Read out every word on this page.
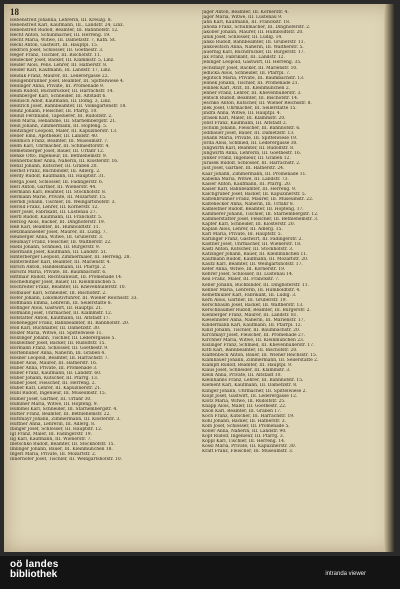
18
Hebenstreit Johanna, Lehrerin, III. Kreuzg. 8.
Hebenstreit Karl, Kaufmann, III., Landstr. 24, Linz.
Hebenstreit Rudolf, Beamter, III. Bahnhofstr. 12.
Hecht Anton, Schuhmacher, III. Herreng. 19.
Hecht Maria, Witwe, III. Dametzstr. 7, Kath. St.
Heckl Anton, Gastwirt, III. Hauptpl. 15.
Hedrich Josef, Schlosser, III. Goethestr. 3.
Heger Franz, Tischler, III. Bischofstr. 11.
Heidecker Josef, Bäcker, III. Klammstr. 5, Linz.
Heider Alois, Pens. Lehrer, III. Hafnerstr. 8.
Heider Karl, Kaufmann, III. Landstr. 17, Linz.
Heiduk Franz, Maurer, III. Lederergasse 22.
Heiligenbrunner Josef, Beamter, III. Spittelwiese 4.
Heilinger Anna, Private, III. Promenade 9.
Heim Rudolf, Buchdrucker, III. Harrachstr. 14.
Heimberger Karl, Schneider, III. Altstadt 6.
Heinisch Adolf, Kaufmann, III. Domg. 3, Linz.
Heinrich Josef, Bahnbeamter, III. Volksgartenstr. 18.
Heinz Johann, Fleischer, III. Pfarrg. 10.
Heinzl Ferdinand, Tapezierer, III. Rudolfstr. 2.
Heiß Maria, Hebamme, III. Starhembergstr. 21.
Heiß Johann, Zimmermann, III. Hopfeng. 5.
Heitzinger Leopold, Maler, III. Kapuzinerstr. 13.
Heller Emil, Apotheker, III. Landstr. 40.
Hellmich Franz, Beamter, III. Museumstr. 7.
Helm Karl, Uhrmacher, III. Schmiedtorstr. 4.
Hemetsberger Josef, Bauer, III. Urfahr 12.
Henke Otto, Ingenieur, III. Bethlehemstr. 9.
Hennerbichler Anna, Näherin, III. Klosterstr. 16.
Henzl Johann, Kutscher, III. Graben 20.
Herbst Franz, Buchbinder, III. Adlerg. 2.
Herdy Rudolf, Kaufmann, III. Hauptstr. 31.
Herga Josef, Schlosser, III. Fadingerstr. 6.
Herl Anton, Gärtner, III. Wienerstr. 44.
Hermann Karl, Beamter, III. Stockhofstr. 8.
Hermann Marie, Private, III. Mozartstr. 15.
Herndl Johann, Tischler, III. Weingartshofstr. 3.
Herold Franz, Lehrer, III. Körnerstr. 12.
Herr Josef, Fabrikant, III. Lustenau 27.
Hertl Rudolf, Kaufmann, III. Franckstr. 5.
Herzog Alois, Bäcker, III. Dinghoferstr. 19.
Heß Karl, Beamter, III. Humboldtstr. 11.
Hetzmannseder Josef, Maurer, III. Ludlg. 7.
Heuberger Anna, Witwe, III. Gruberstr. 3.
Heumayr Franz, Fleischer, III. Waltherstr. 22.
Hiebl Johann, Schmied, III. Bürgerstr. 9.
Hiermann Josef, Kaufmann, III. Landstr. 51.
Hinterberger Leopold, Zimmermaler, III. Herreng. 28.
Hinterleitner Karl, Beamter, III. Marienstr. 4.
Hirsch Anton, Handelsmann, III. Pfarrpl. 2.
Hirschl Maria, Private, III. Baumbachstr. 6.
Hittmair Rudolf, Rechtsanwalt, III. Promenade 14.
Hochedlinger Josef, Bauer, III. Kleinmünchen 5.
Hochreiter Franz, Beamter, III. Khevenhüllerstr. 10.
Hofbauer Karl, Schneider, III. Bischofstr. 2.
Hofer Johann, Lokomotivführer, III. Wiener Reichsstr. 33.
Hoffmann Emma, Lehrerin, III. Seilerstätte 8.
Hofinger Alois, Gastwirt, III. Hauptpl. 21.
Hofmann Josef, Uhrmacher, III. Klammstr. 12.
Hofstätter Anton, Kaufmann, III. Altstadt 17.
Hohenegger Franz, Bahnbeamter, III. Bahnhofstr. 20.
Holl Karl, Buchhalter, III. Dametzstr. 30.
Holzer Maria, Witwe, III. Spittelwiese 11.
Holzinger Johann, Tischler, III. Lederergasse 5.
Holzleitner Josef, Bäcker, III. Rudolfstr. 15.
Hörmann Franz, Schlosser, III. Goethestr. 9.
Hörtenhuber Anna, Näherin, III. Graben 4.
Hosner Leopold, Beamter, III. Harrachstr. 7.
Huber Alois, Maurer, III. Hafnerstr. 16.
Huber Anna, Private, III. Promenade 3.
Huber Franz, Kaufmann, III. Landstr. 60.
Huber Johann, Kutscher, III. Pfarrg. 13.
Huber Josef, Fleischer, III. Herreng. 2.
Huber Karl, Lehrer, III. Kapuzinerstr. 21.
Hübl Rudolf, Ingenieur, III. Museumstr. 15.
Humer Josef, Gärtner, III. Urfahr 30.
Hummer Maria, Witwe, III. Hopfeng. 9.
Hummel Karl, Schneider, III. Starhembergstr. 4.
Hutter Franz, Beamter, III. Bethlehemstr. 22.
Hüttmayr Johann, Zimmermann, III. Klosterstr. 3.
Hüttner Anna, Lehrerin, III. Adlerg. 8.
Ibinger Josef, Schlosser, III. Hauptstr. 12.
Igl Franz, Maler, III. Fadingerstr. 19.
Ilg Karl, Kaufmann, III. Wienerstr. 7.
Illetschko Rudolf, Beamter, III. Stockhofstr. 15.
Imlinger Johann, Bauer, III. Kleinmünchen 18.
Ingerl Maria, Private, III. Mozartstr. 2.
Innerhofer Josef, Tischler, III. Weingartshofstr. 10.
Jäger Anton, Beamter, III. Körnerstr. 4.
Jäger Maria, Witwe, III. Lustenau 9.
Jahn Karl, Kaufmann, III. Franckstr. 18.
Jahoda Franz, Schuhmacher, III. Dinghoferstr. 2.
Jakober Johann, Maurer, III. Humboldtstr. 20.
Janik Josef, Schlosser, III. Ludlg. 14.
Janko Rudolf, Bahnbeamter, III. Gruberstr. 11.
Jankowitsch Anna, Näherin, III. Waltherstr. 5.
Jauernig Karl, Buchdrucker, III. Bürgerstr. 17.
Jax Franz, Fabrikant, III. Landstr. 12.
Jebinger Leopold, Gastwirt, III. Herreng. 35.
Jechsmayr Josef, Bäcker, III. Marienstr. 10.
Jedlicka Alois, Schneider, III. Pfarrpl. 7.
Jeglitsch Maria, Private, III. Baumbachstr. 13.
Jelinek Johann, Tischler, III. Promenade 21.
Jellinek Karl, Arzt, III. Kleinmünchen 2.
Jenner Franz, Lehrer, III. Khevenhüllerstr. 3.
Jentsch Rudolf, Beamter, III. Bischofstr. 14.
Jeschko Anton, Kutscher, III. Wiener Reichsstr. 8.
Jilek Josef, Uhrmacher, III. Seilerstätte 15.
Jindra Anna, Witwe, III. Hauptpl. 4.
Jirasek Karl, Maler, III. Klammstr. 20.
Jobst Franz, Kaufmann, III. Altstadt 2.
Jochum Johann, Fleischer, III. Bahnhofstr. 6.
Jodlbauer Josef, Bauer, III. Dametzstr. 13.
Johann Maria, Private, III. Spittelwiese 19.
Jorda Alois, Schmied, III. Lederergasse 30.
Jungwirth Karl, Beamter, III. Rudolfstr. 8.
Jungwirth Anna, Lehrerin, III. Goethestr. 16.
Junker Franz, Ingenieur, III. Graben 12.
Jurasek Rudolf, Schlosser, III. Harrachstr. 2.
Just Josef, Gärtner, III. Hafnerstr. 24.
Kaar Johann, Zimmermann, III. Promenade 11.
Kabelka Maria, Witwe, III. Landstr. 73.
Kaiser Anton, Kaufmann, III. Pfarrg. 20.
Kaiser Karl, Bahnbeamter, III. Herreng. 9.
Kalchgruber Josef, Bäcker, III. Kapuzinerstr. 5.
Kaltenbrunner Franz, Maurer, III. Museumstr. 22.
Kaltenecker Anna, Näherin, III. Urfahr 8.
Kamleitner Rudolf, Beamter, III. Hopfeng. 17.
Kammerer Johann, Tischler, III. Starhembergstr. 12.
Kammerstätter Josef, Fleischer, III. Bethlehemstr. 3.
Kapfer Karl, Schneider, III. Klosterstr. 20.
Kaplan Alois, Lehrer, III. Adlerg. 15.
Karl Maria, Private, III. Hauptstr. 5.
Karlinger Franz, Gastwirt, III. Fadingerstr. 2.
Kastner Josef, Uhrmacher, III. Wienerstr. 18.
Kastl Anton, Kutscher, III. Stockhofstr. 3.
Katzinger Johann, Bauer, III. Kleinmünchen 11.
Kaufmann Rudolf, Kaufmann, III. Mozartstr. 20.
Kautz Karl, Beamter, III. Weingartshofstr. 17.
Kefer Anna, Witwe, III. Körnerstr. 19.
Kehrer Josef, Schlosser, III. Lustenau 14.
Keil Franz, Maler, III. Franckstr. 7.
Keller Johann, Buchbinder, III. Dinghoferstr. 11.
Kellner Maria, Lehrerin, III. Humboldtstr. 4.
Kemetmüller Karl, Fabrikant, III. Ludlg. 3.
Kern Alois, Gärtner, III. Gruberstr. 19.
Kerschbaum Josef, Bäcker, III. Waltherstr. 13.
Kerschbaumer Rudolf, Beamter, III. Bürgerstr. 2.
Kienberger Franz, Maurer, III. Landstr. 81.
Kiesenhofer Anna, Näherin, III. Marienstr. 17.
Kindermann Karl, Kaufmann, III. Pfarrpl. 12.
Kinzl Johann, Tischler, III. Baumbachstr. 20.
Kirchmayr Josef, Fleischer, III. Promenade 27.
Kirchner Maria, Witwe, III. Kleinmünchen 23.
Kislinger Franz, Schmied, III. Khevenhüllerstr. 17.
Kittl Karl, Bahnbeamter, III. Bischofstr. 20.
Klaffenböck Anton, Bauer, III. Wiener Reichsstr. 15.
Klambauer Johann, Zimmermann, III. Seilerstätte 2.
Klampfl Rudolf, Beamter, III. Hauptpl. 9.
Klaus Josef, Schneider, III. Klammstr. 3.
Klein Anna, Private, III. Altstadt 10.
Kleinhanns Franz, Lehrer, III. Bahnhofstr. 15.
Klement Karl, Kaufmann, III. Dametzstr. 8.
Klinger Johann, Uhrmacher, III. Spittelwiese 2.
Klopf Josef, Gastwirt, III. Lederergasse 12.
Klotz Maria, Witwe, III. Rudolfstr. 25.
Knapp Alois, Maler, III. Goethestr. 22.
Knoll Karl, Beamter, III. Graben 17.
Koch Franz, Kutscher, III. Harrachstr. 19.
Kohl Johann, Bäcker, III. Hafnerstr. 3.
Kolb Josef, Schlosser, III. Promenade 5.
Koller Anna, Näherin, III. Landstr. 90.
Kopf Rudolf, Ingenieur, III. Pfarrg. 3.
Köppl Karl, Tischler, III. Herreng. 14.
Kössl Maria, Private, III. Kapuzinerstr. 30.
Kraft Franz, Fleischer, III. Museumstr. 3.
oö landes
bibliothek	intranda viewer
